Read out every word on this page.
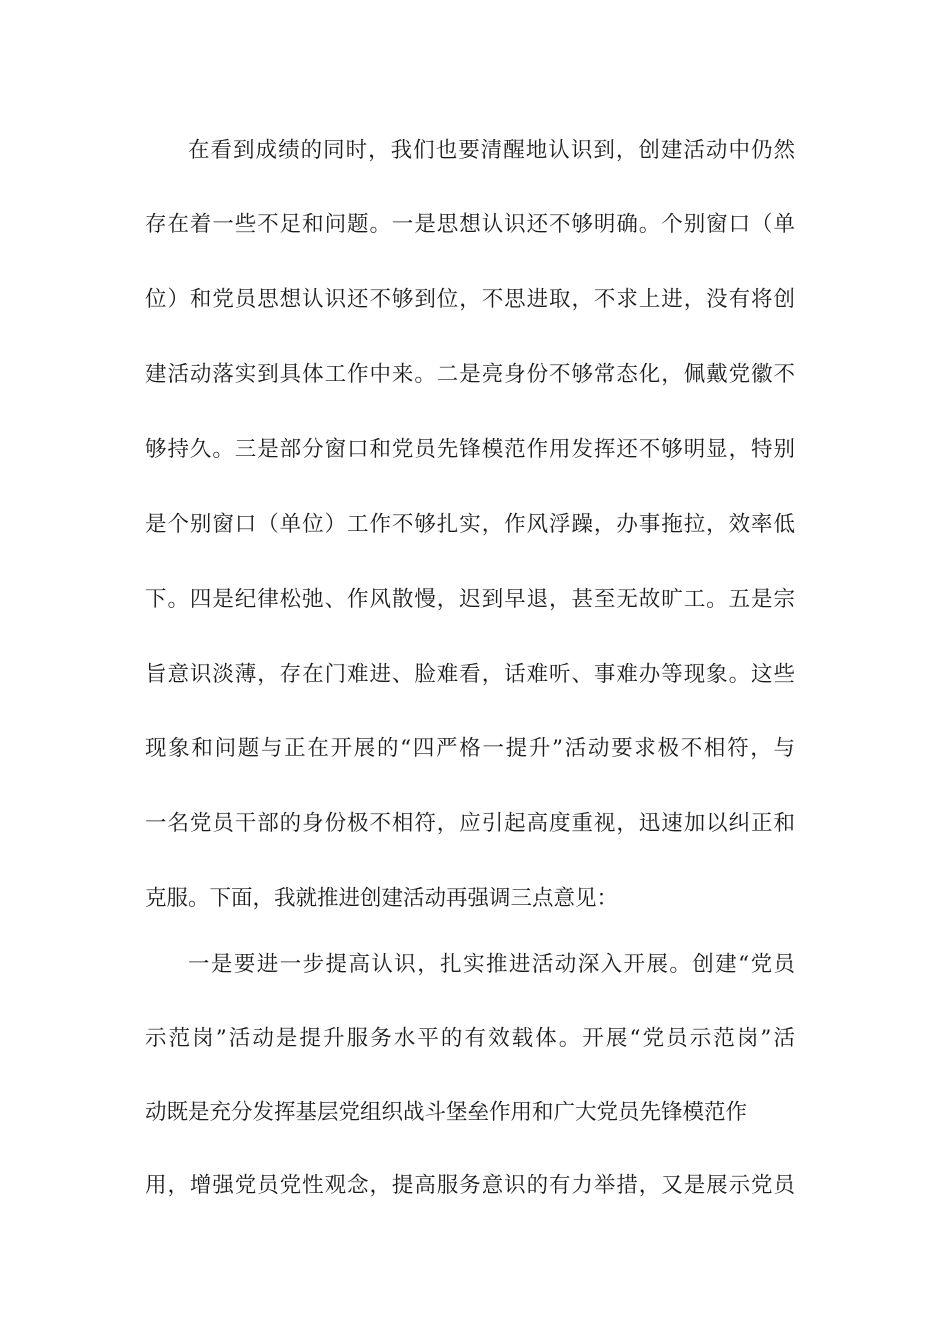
在看到成绩的同时，我们也要清醒地认识到，创建活动中仍然
存在着一些不足和问题。一是思想认识还不够明确。个别窗口（单
位）和党员思想认识还不够到位，不思进取，不求上进，没有将创
建活动落实到具体工作中来。二是亮身份不够常态化，佩戴党徽不
够持久。三是部分窗口和党员先锋模范作用发挥还不够明显，特别
是个别窗口（单位）工作不够扎实，作风浮躁，办事拖拉，效率低
下。四是纪律松弛、作风散慢，迟到早退，甚至无故旷工。五是宗
旨意识淡薄，存在门难进、脸难看，话难听、事难办等现象。这些
现象和问题与正在开展的“四严格一提升”活动要求极不相符，与
一名党员干部的身份极不相符，应引起高度重视，迅速加以纠正和
克服。下面，我就推进创建活动再强调三点意见：
一是要进一步提高认识，扎实推进活动深入开展。创建“党员
示范岗”活动是提升服务水平的有效载体。开展“党员示范岗”活
动既是充分发挥基层党组织战斗堡垒作用和广大党员先锋模范作
用，增强党员党性观念，提高服务意识的有力举措，又是展示党员
